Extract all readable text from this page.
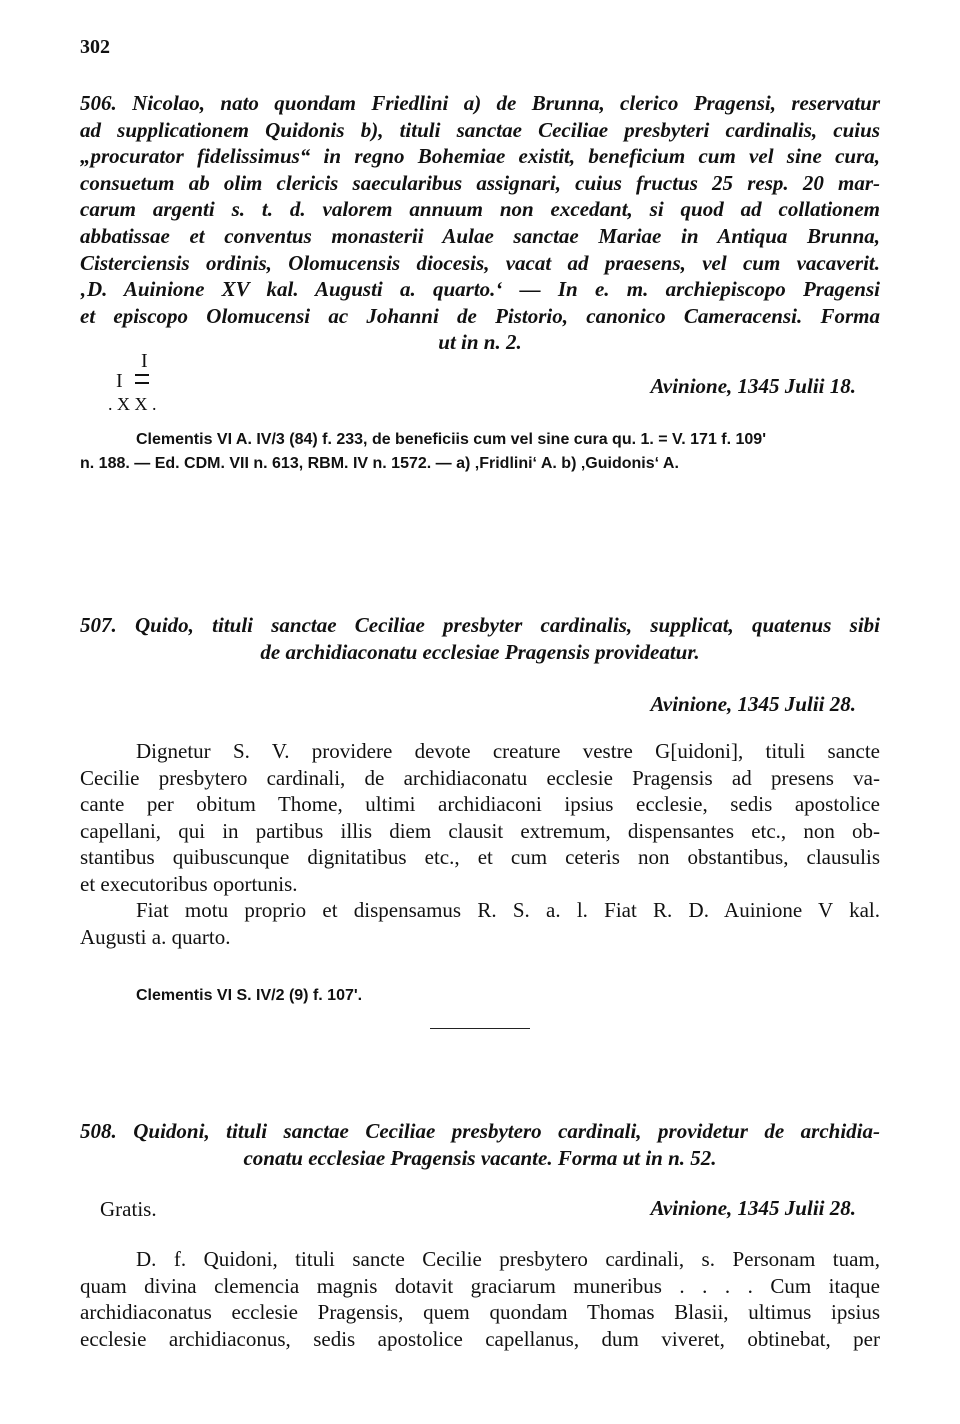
302
506. Nicolao, nato quondam Friedlini a) de Brunna, clerico Pragensi, reservatur
ad supplicationem Quidonis b), tituli sanctae Ceciliae presbyteri cardinalis, cuius
„procurator fidelissimus“ in regno Bohemiae existit, beneficium cum vel sine cura,
consuetum ab olim clericis saecularibus assignari, cuius fructus 25 resp. 20 mar-
carum argenti s. t. d. valorem annuum non excedant, si quod ad collationem
abbatissae et conventus monasterii Aulae sanctae Mariae in Antiqua Brunna,
Cisterciensis ordinis, Olomucensis diocesis, vacat ad praesens, vel cum vacaverit.
‚D. Auinione XV kal. Augusti a. quarto.‘ — In e. m. archiepiscopo Pragensi
et episcopo Olomucensi ac Johanni de Pistorio, canonico Cameracensi. Forma
ut in n. 2.
I
I
. X X .
Avinione, 1345 Julii 18.
Clementis VI A. IV/3 (84) f. 233, de beneficiis cum vel sine cura qu. 1. = V. 171 f. 109'
n. 188. — Ed. CDM. VII n. 613, RBM. IV n. 1572. — a) ‚Fridlini‘ A. b) ‚Guidonis‘ A.
507. Quido, tituli sanctae Ceciliae presbyter cardinalis, supplicat, quatenus sibi
de archidiaconatu ecclesiae Pragensis provideatur.
Avinione, 1345 Julii 28.
Dignetur S. V. providere devote creature vestre G[uidoni], tituli sancte
Cecilie presbytero cardinali, de archidiaconatu ecclesie Pragensis ad presens va-
cante per obitum Thome, ultimi archidiaconi ipsius ecclesie, sedis apostolice
capellani, qui in partibus illis diem clausit extremum, dispensantes etc., non ob-
stantibus quibuscunque dignitatibus etc., et cum ceteris non obstantibus, clausulis
et executoribus oportunis.
Fiat motu proprio et dispensamus R. S. a. l. Fiat R. D. Auinione V kal.
Augusti a. quarto.
Clementis VI S. IV/2 (9) f. 107'.
508. Quidoni, tituli sanctae Ceciliae presbytero cardinali, providetur de archidia-
conatu ecclesiae Pragensis vacante. Forma ut in n. 52.
Gratis.	Avinione, 1345 Julii 28.
D. f. Quidoni, tituli sancte Cecilie presbytero cardinali, s. Personam tuam,
quam divina clemencia magnis dotavit graciarum muneribus . . . . Cum itaque
archidiaconatus ecclesie Pragensis, quem quondam Thomas Blasii, ultimus ipsius
ecclesie archidiaconus, sedis apostolice capellanus, dum viveret, obtinebat, per
